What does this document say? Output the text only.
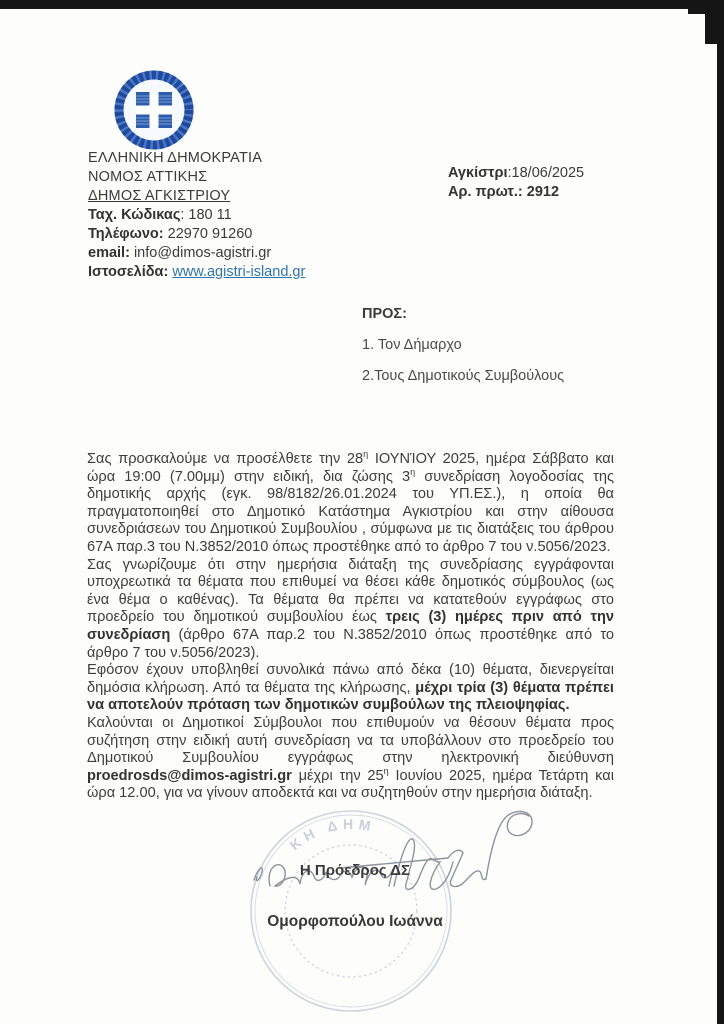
ΕΛΛΗΝΙΚΗ ΔΗΜΟΚΡΑΤΙΑ
ΝΟΜΟΣ ΑΤΤΙΚΗΣ
ΔΗΜΟΣ ΑΓΚΙΣΤΡΙΟΥ
Ταχ. Κώδικας: 180 11
Τηλέφωνο: 22970 91260
email: info@dimos-agistri.gr
Ιστοσελίδα: www.agistri-island.gr
Αγκίστρι:18/06/2025
Αρ. πρωτ.: 2912
ΠΡΟΣ:
1. Τον Δήμαρχο
2.Τους Δημοτικούς Συμβούλους

Σας προσκαλούμε να προσέλθετε την $28^\eta$ ΙΟΥΝΊΟΥ 2025, ημέρα Σάββατο και ώρα 19:00 (7.00μμ) στην ειδική, δια ζώσης $3^\eta$ συνεδρίαση λογοδοσίας της δημοτικής αρχής (εγκ. 98/8182/26.01.2024 του ΥΠ.ΕΣ.), η οποία θα πραγματοποιηθεί στο Δημοτικό Κατάστημα Αγκιστρίου και στην αίθουσα συνεδριάσεων του Δημοτικού Συμβουλίου , σύμφωνα με τις διατάξεις του άρθρου 67Α παρ.3 του Ν.3852/2010 όπως προστέθηκε από το άρθρο 7 του ν.5056/2023.

Σας γνωρίζουμε ότι στην ημερήσια διάταξη της συνεδρίασης εγγράφονται υποχρεωτικά τα θέματα που επιθυμεί να θέσει κάθε δημοτικός σύμβουλος (ως ένα θέμα ο καθένας). Τα θέματα θα πρέπει να κατατεθούν εγγράφως στο προεδρείο του δημοτικού συμβουλίου έως τρεις (3) ημέρες πριν από την συνεδρίαση (άρθρο 67Α παρ.2 του Ν.3852/2010 όπως προστέθηκε από το άρθρο 7 του ν.5056/2023).

Εφόσον έχουν υποβληθεί συνολικά πάνω από δέκα (10) θέματα, διενεργείται δημόσια κλήρωση. Από τα θέματα της κλήρωσης, μέχρι τρία (3) θέματα πρέπει να αποτελούν πρόταση των δημοτικών συμβούλων της πλειοψηφίας.

Καλούνται οι Δημοτικοί Σύμβουλοι που επιθυμούν να θέσουν θέματα προς συζήτηση στην ειδική αυτή συνεδρίαση να τα υποβάλλουν στο προεδρείο του Δημοτικού Συμβουλίου εγγράφως στην ηλεκτρονική διεύθυνση proedrosds@dimos-agistri.gr μέχρι την $25^\eta$ Ιουνίου 2025, ημέρα Τετάρτη και ώρα 12.00, για να γίνουν αποδεκτά και να συζητηθούν στην ημερήσια διάταξη.

ΚΗ ΔΗΜ
Η Πρόεδρος ΔΣ
Ομορφοπούλου Ιωάννα
